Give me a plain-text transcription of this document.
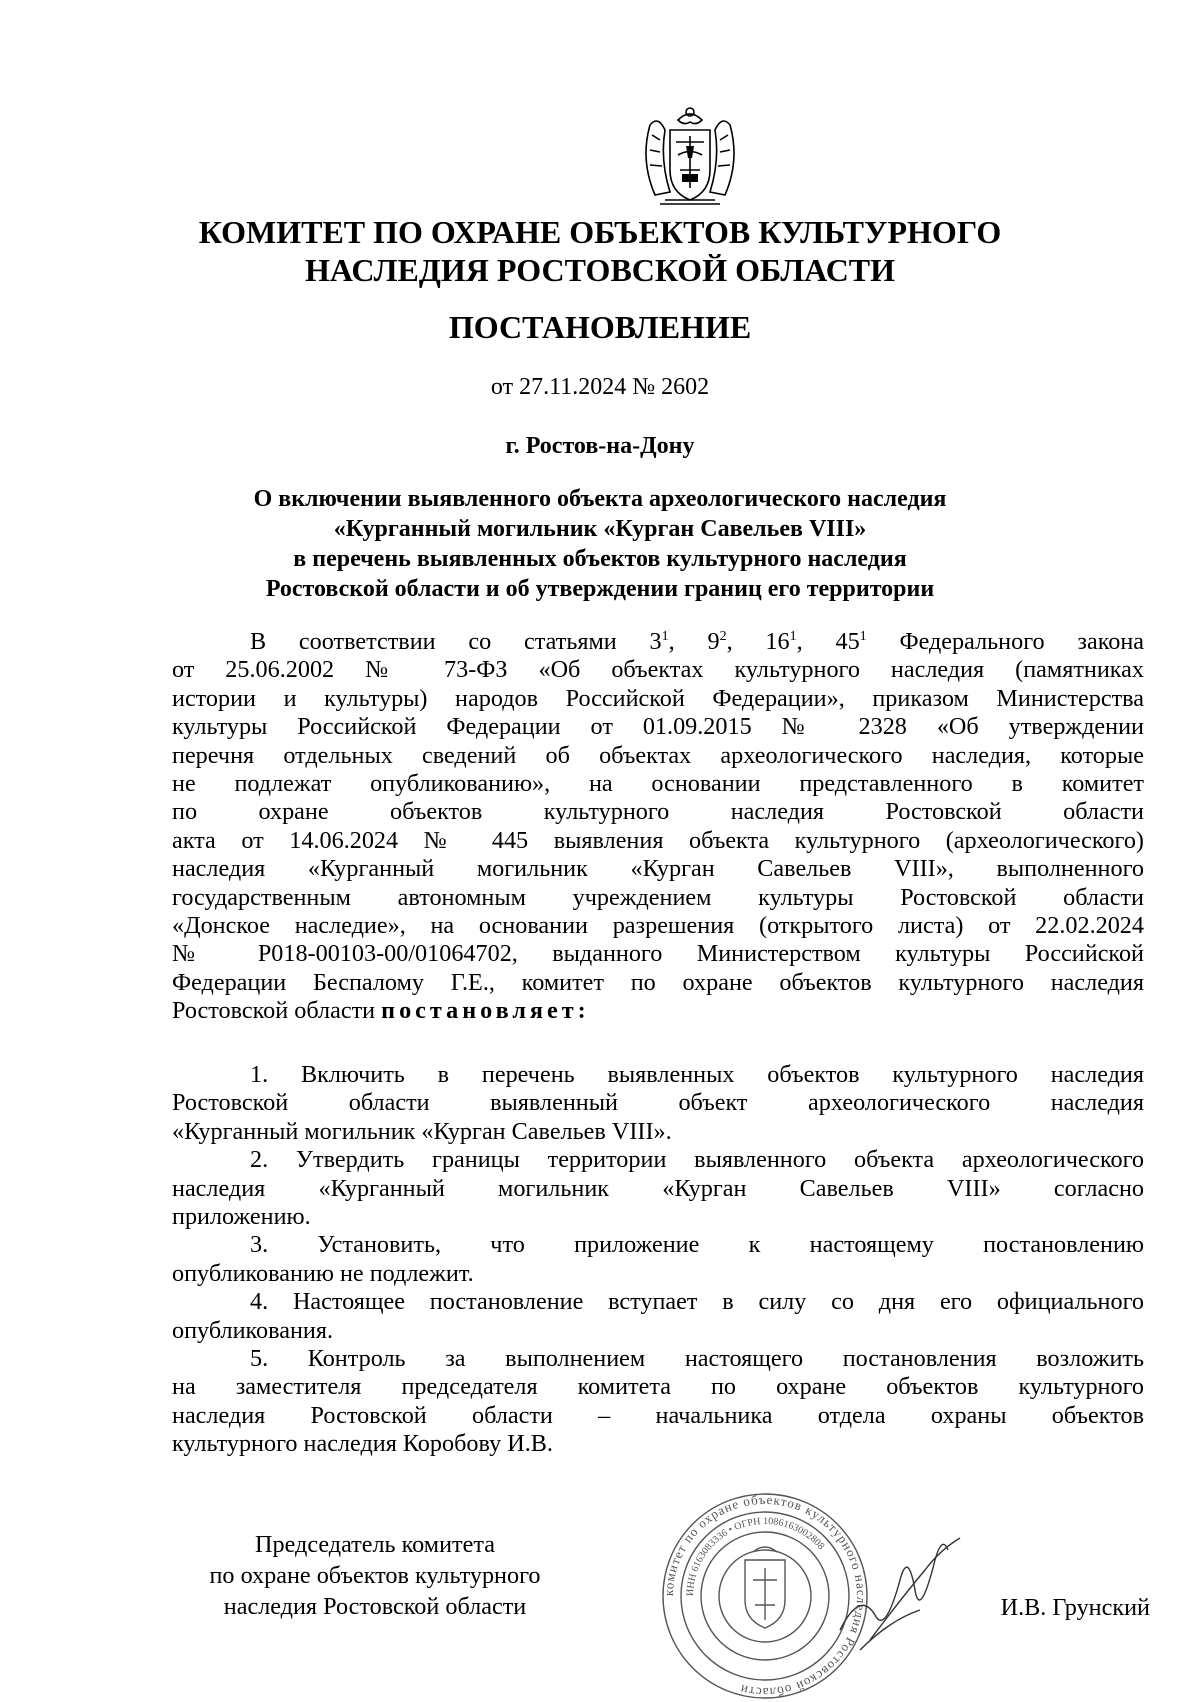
КОМИТЕТ ПО ОХРАНЕ ОБЪЕКТОВ КУЛЬТУРНОГО
НАСЛЕДИЯ РОСТОВСКОЙ ОБЛАСТИ
ПОСТАНОВЛЕНИЕ
от 27.11.2024 № 2602
г. Ростов-на-Дону
О включении выявленного объекта археологического наследия
«Курганный могильник «Курган Савельев VIII»
в перечень выявленных объектов культурного наследия
Ростовской области и об утверждении границ его территории
В соответствии со статьями $3^1$, $9^2$, $16^1$, $45^1$ Федерального закона
от 25.06.2002 № 73-ФЗ «Об объектах культурного наследия (памятниках
истории и культуры) народов Российской Федерации», приказом Министерства
культуры Российской Федерации от 01.09.2015 № 2328 «Об утверждении
перечня отдельных сведений об объектах археологического наследия, которые
не подлежат опубликованию», на основании представленного в комитет
по охране объектов культурного наследия Ростовской области
акта от 14.06.2024 № 445 выявления объекта культурного (археологического)
наследия «Курганный могильник «Курган Савельев VIII», выполненного
государственным автономным учреждением культуры Ростовской области
«Донское наследие», на основании разрешения (открытого листа) от 22.02.2024
№ Р018-00103-00/01064702, выданного Министерством культуры Российской
Федерации Беспалому Г.Е., комитет по охране объектов культурного наследия
Ростовской области постановляет:
1. Включить в перечень выявленных объектов культурного наследия
Ростовской области выявленный объект археологического наследия
«Курганный могильник «Курган Савельев VIII».
2. Утвердить границы территории выявленного объекта археологического
наследия «Курганный могильник «Курган Савельев VIII» согласно
приложению.
3. Установить, что приложение к настоящему постановлению
опубликованию не подлежит.
4. Настоящее постановление вступает в силу со дня его официального
опубликования.
5. Контроль за выполнением настоящего постановления возложить
на заместителя председателя комитета по охране объектов культурного
наследия Ростовской области – начальника отдела охраны объектов
культурного наследия Коробову И.В.
Председатель комитета
по охране объектов культурного
наследия Ростовской области
комитет по охране объектов культурного наследия Ростовской области
ИНН 6163083336 • ОГРН 1086163002808
И.В. Грунский
